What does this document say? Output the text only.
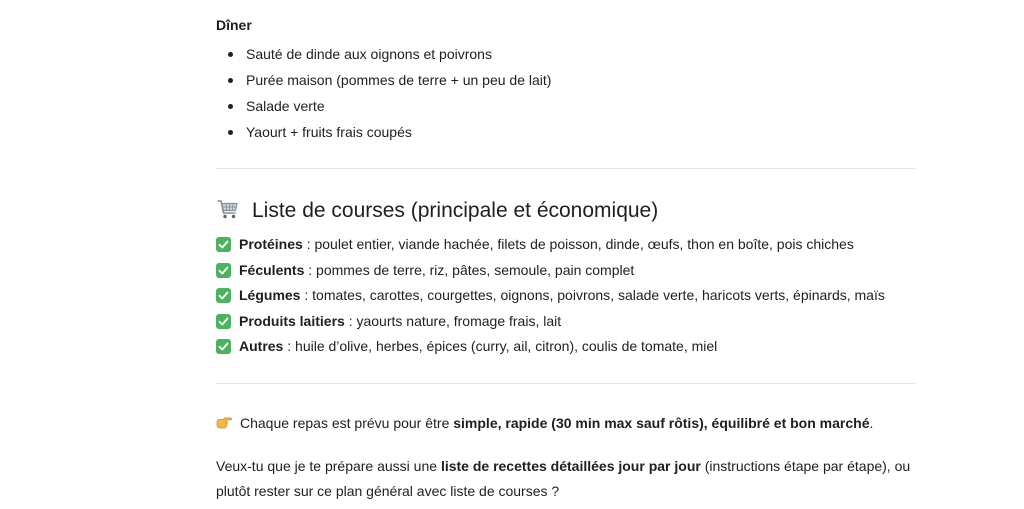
Dîner

Sauté de dinde aux oignons et poivrons
Purée maison (pommes de terre + un peu de lait)
Salade verte
Yaourt + fruits frais coupés
Liste de courses (principale et économique)
Protéines : poulet entier, viande hachée, filets de poisson, dinde, œufs, thon en boîte, pois chiches
Féculents : pommes de terre, riz, pâtes, semoule, pain complet
Légumes : tomates, carottes, courgettes, oignons, poivrons, salade verte, haricots verts, épinards, maïs
Produits laitiers : yaourts nature, fromage frais, lait
Autres : huile d’olive, herbes, épices (curry, ail, citron), coulis de tomate, miel

Chaque repas est prévu pour être simple, rapide (30 min max sauf rôtis), équilibré et bon marché.

Veux-tu que je te prépare aussi une liste de recettes détaillées jour par jour (instructions étape par étape), ou plutôt rester sur ce plan général avec liste de courses ?
